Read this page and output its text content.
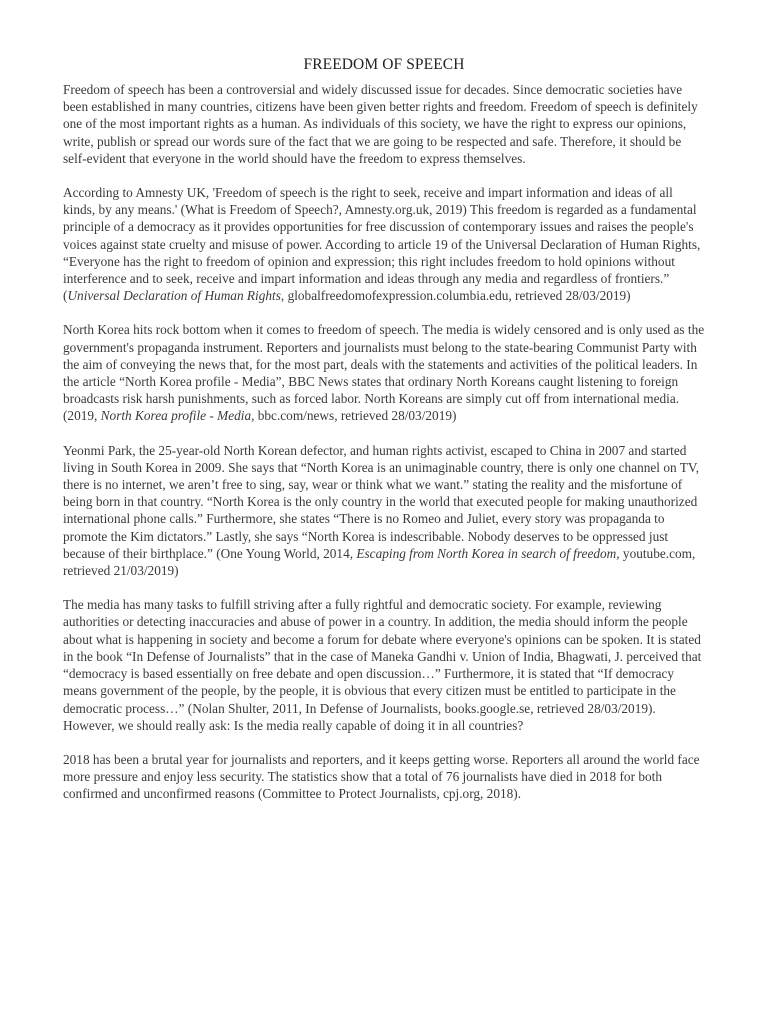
FREEDOM OF SPEECH

Freedom of speech has been a controversial and widely discussed issue for decades. Since democratic societies have been established in many countries, citizens have been given better rights and freedom. Freedom of speech is definitely one of the most important rights as a human. As individuals of this society, we have the right to express our opinions, write, publish or spread our words sure of the fact that we are going to be respected and safe. Therefore, it should be self-evident that everyone in the world should have the freedom to express themselves.

According to Amnesty UK, 'Freedom of speech is the right to seek, receive and impart information and ideas of all kinds, by any means.' (What is Freedom of Speech?, Amnesty.org.uk, 2019) This freedom is regarded as a fundamental principle of a democracy as it provides opportunities for free discussion of contemporary issues and raises the people's voices against state cruelty and misuse of power. According to article 19 of the Universal Declaration of Human Rights, “Everyone has the right to freedom of opinion and expression; this right includes freedom to hold opinions without interference and to seek, receive and impart information and ideas through any media and regardless of frontiers.” (Universal Declaration of Human Rights, globalfreedomofexpression.columbia.edu, retrieved 28/03/2019)

North Korea hits rock bottom when it comes to freedom of speech. The media is widely censored and is only used as the government's propaganda instrument. Reporters and journalists must belong to the state-bearing Communist Party with the aim of conveying the news that, for the most part, deals with the statements and activities of the political leaders. In the article “North Korea profile - Media”, BBC News states that ordinary North Koreans caught listening to foreign broadcasts risk harsh punishments, such as forced labor. North Koreans are simply cut off from international media. (2019, North Korea profile - Media, bbc.com/news, retrieved 28/03/2019)

Yeonmi Park, the 25-year-old North Korean defector, and human rights activist, escaped to China in 2007 and started living in South Korea in 2009. She says that “North Korea is an unimaginable country, there is only one channel on TV, there is no internet, we aren’t free to sing, say, wear or think what we want.” stating the reality and the misfortune of being born in that country. “North Korea is the only country in the world that executed people for making unauthorized international phone calls.” Furthermore, she states “There is no Romeo and Juliet, every story was propaganda to promote the Kim dictators.” Lastly, she says “North Korea is indescribable. Nobody deserves to be oppressed just because of their birthplace.” (One Young World, 2014, Escaping from North Korea in search of freedom, youtube.com, retrieved 21/03/2019)

The media has many tasks to fulfill striving after a fully rightful and democratic society. For example, reviewing authorities or detecting inaccuracies and abuse of power in a country. In addition, the media should inform the people about what is happening in society and become a forum for debate where everyone's opinions can be spoken. It is stated in the book “In Defense of Journalists” that in the case of Maneka Gandhi v. Union of India, Bhagwati, J. perceived that “democracy is based essentially on free debate and open discussion…” Furthermore, it is stated that “If democracy means government of the people, by the people, it is obvious that every citizen must be entitled to participate in the democratic process…” (Nolan Shulter, 2011, In Defense of Journalists, books.google.se, retrieved 28/03/2019). However, we should really ask: Is the media really capable of doing it in all countries?

2018 has been a brutal year for journalists and reporters, and it keeps getting worse. Reporters all around the world face more pressure and enjoy less security. The statistics show that a total of 76 journalists have died in 2018 for both confirmed and unconfirmed reasons (Committee to Protect Journalists, cpj.org, 2018).
